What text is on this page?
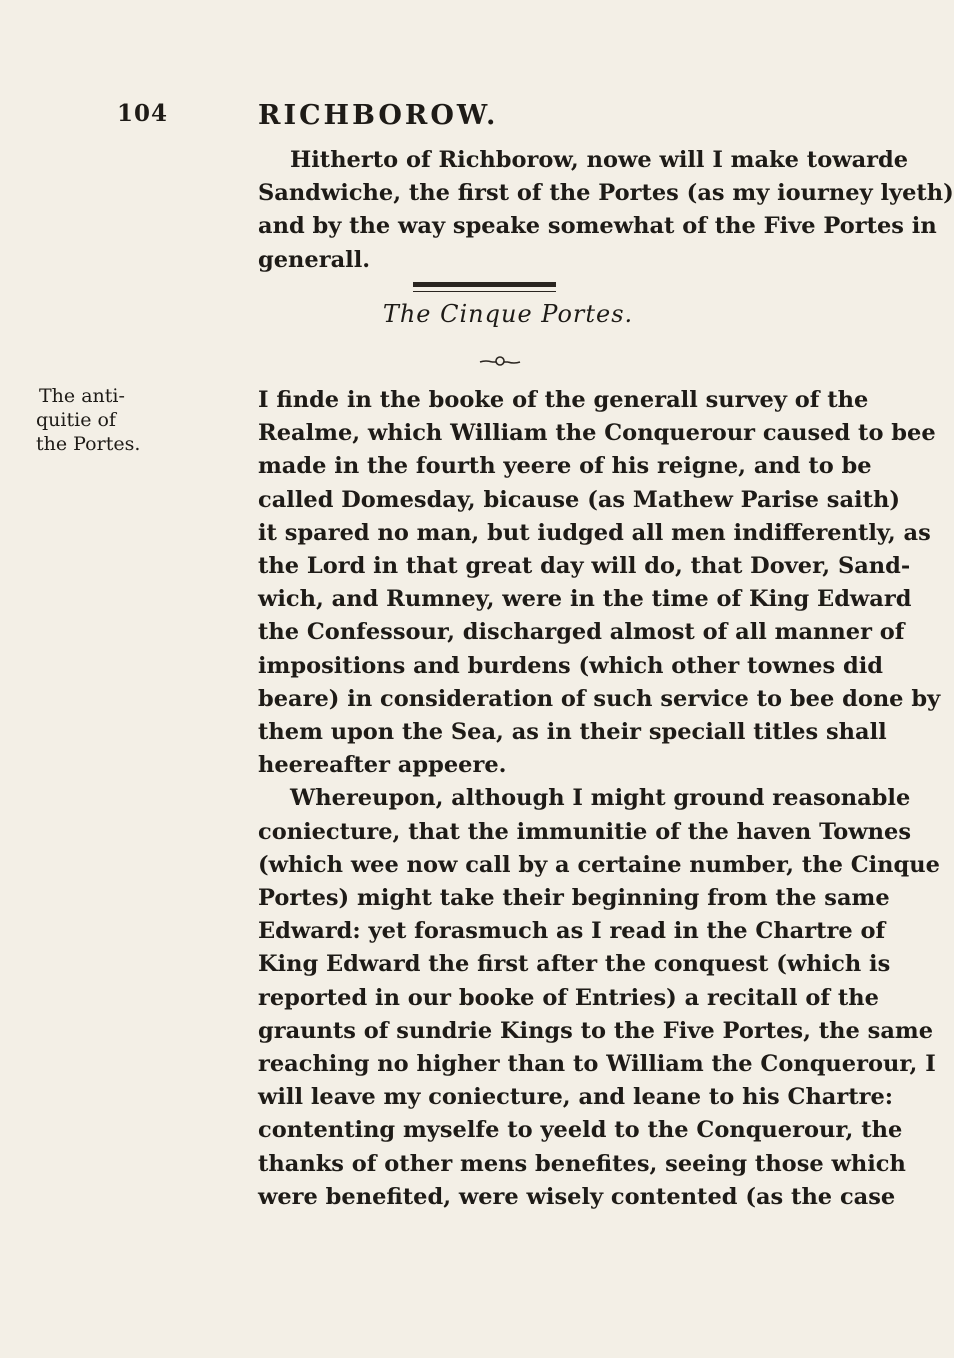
104	RICHBOROW.
Hitherto of Richborow, nowe will I make towarde
Sandwiche, the first of the Portes (as my iourney lyeth)
and by the way speake somewhat of the Five Portes in
generall.
The Cinque Portes.
The anti-
quitie of
the Portes.
I finde in the booke of the generall survey of the
Realme, which William the Conquerour caused to bee
made in the fourth yeere of his reigne, and to be
called Domesday, bicause (as Mathew Parise saith)
it spared no man, but iudged all men indifferently, as
the Lord in that great day will do, that Dover, Sand-
wich, and Rumney, were in the time of King Edward
the Confessour, discharged almost of all manner of
impositions and burdens (which other townes did
beare) in consideration of such service to bee done by
them upon the Sea, as in their speciall titles shall
heereafter appeere.
Whereupon, although I might ground reasonable
coniecture, that the immunitie of the haven Townes
(which wee now call by a certaine number, the Cinque
Portes) might take their beginning from the same
Edward: yet forasmuch as I read in the Chartre of
King Edward the first after the conquest (which is
reported in our booke of Entries) a recitall of the
graunts of sundrie Kings to the Five Portes, the same
reaching no higher than to William the Conquerour, I
will leave my coniecture, and leane to his Chartre:
contenting myselfe to yeeld to the Conquerour, the
thanks of other mens benefites, seeing those which
were benefited, were wisely contented (as the case
